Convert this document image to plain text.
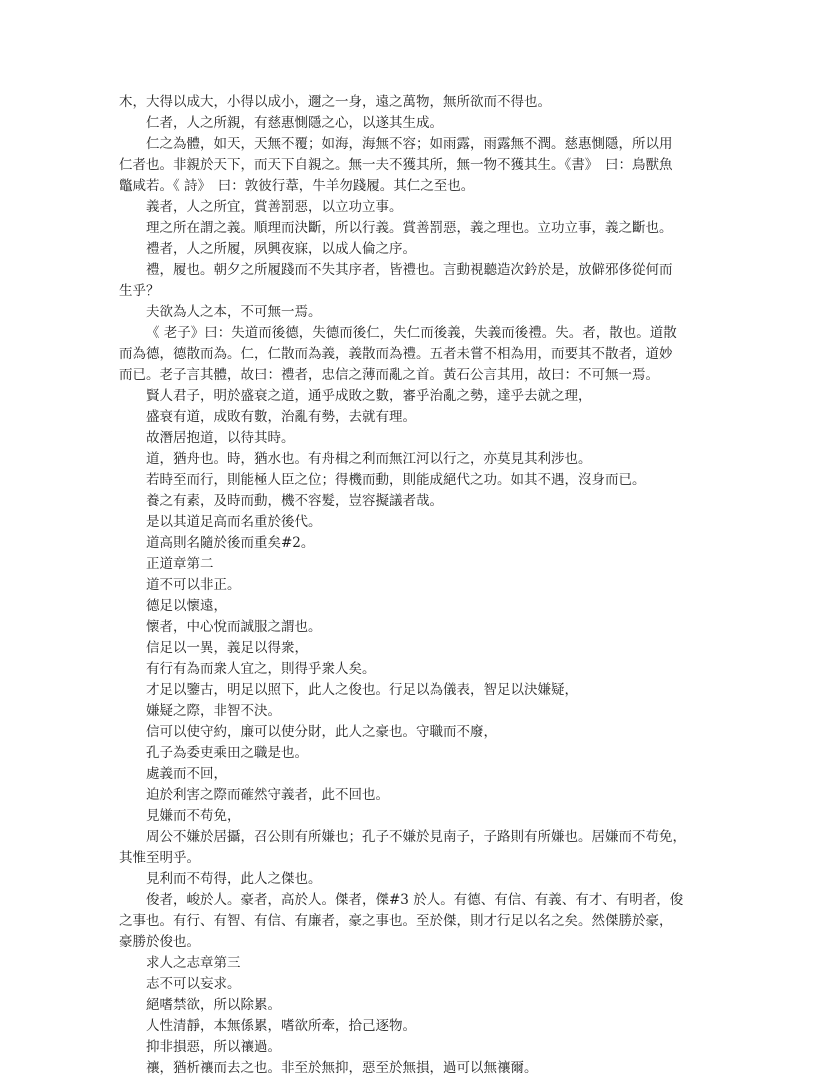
木，大得以成大，小得以成小，邇之一身，遠之萬物，無所欲而不得也。
仁者，人之所親，有慈惠惻隱之心，以遂其生成。
仁之為體，如天，天無不覆；如海，海無不容；如雨露，雨露無不潤。慈惠惻隱，所以用
仁者也。非親於天下，而天下自親之。無一夫不獲其所，無一物不獲其生。《書》　曰：鳥獸魚
鼈咸若。《 詩》　曰：敦彼行葦，牛羊勿踐履。其仁之至也。
義者，人之所宜，賞善罰惡，以立功立事。
理之所在謂之義。順理而決斷，所以行義。賞善罰惡，義之理也。立功立事，義之斷也。
禮者，人之所履，夙興夜寐，以成人倫之序。
禮，履也。朝夕之所履踐而不失其序者，皆禮也。言動視聽造次鈐於是，放僻邪侈從何而
生乎？
夫欲為人之本，不可無一焉。
《 老子》曰：失道而後德，失德而後仁，失仁而後義，失義而後禮。失。者，散也。道散
而為德，德散而為。仁，仁散而為義，義散而為禮。五者未嘗不相為用，而要其不散者，道妙
而已。老子言其體，故曰：禮者，忠信之薄而亂之首。黃石公言其用，故曰：不可無一焉。
賢人君子，明於盛衰之道，通乎成敗之數，審乎治亂之勢，達乎去就之理，
盛衰有道，成敗有數，治亂有勢，去就有理。
故潛居抱道，以待其時。
道，猶舟也。時，猶水也。有舟楫之利而無江河以行之，亦莫見其利涉也。
若時至而行，則能極人臣之位；得機而動，則能成絕代之功。如其不遇，沒身而已。
養之有素，及時而動，機不容髮，豈容擬議者哉。
是以其道足高而名重於後代。
道高則名隨於後而重矣#2。
正道章第二
道不可以非正。
德足以懷遠，
懷者，中心悅而誠服之謂也。
信足以一異，義足以得衆，
有行有為而衆人宜之，則得乎衆人矣。
才足以鑒古，明足以照下，此人之俊也。行足以為儀表，智足以決嫌疑，
嫌疑之際，非智不決。
信可以使守約，廉可以使分財，此人之豪也。守職而不廢，
孔子為委吏乘田之職是也。
處義而不回，
迫於利害之際而確然守義者，此不回也。
見嫌而不苟免，
周公不嫌於居攝，召公則有所嫌也；孔子不嫌於見南子，子路則有所嫌也。居嫌而不苟免，
其惟至明乎。
見利而不苟得，此人之傑也。
俊者，峻於人。豪者，高於人。傑者，傑#3 於人。有德、有信、有義、有才、有明者，俊
之事也。有行、有智、有信、有廉者，豪之事也。至於傑，則才行足以名之矣。然傑勝於豪，
豪勝於俊也。
求人之志章第三
志不可以妄求。
絕嗜禁欲，所以除累。
人性清靜，本無係累，嗜欲所牽，拾己逐物。
抑非損惡，所以禳過。
禳，猶析禳而去之也。非至於無抑，惡至於無損，過可以無禳爾。
